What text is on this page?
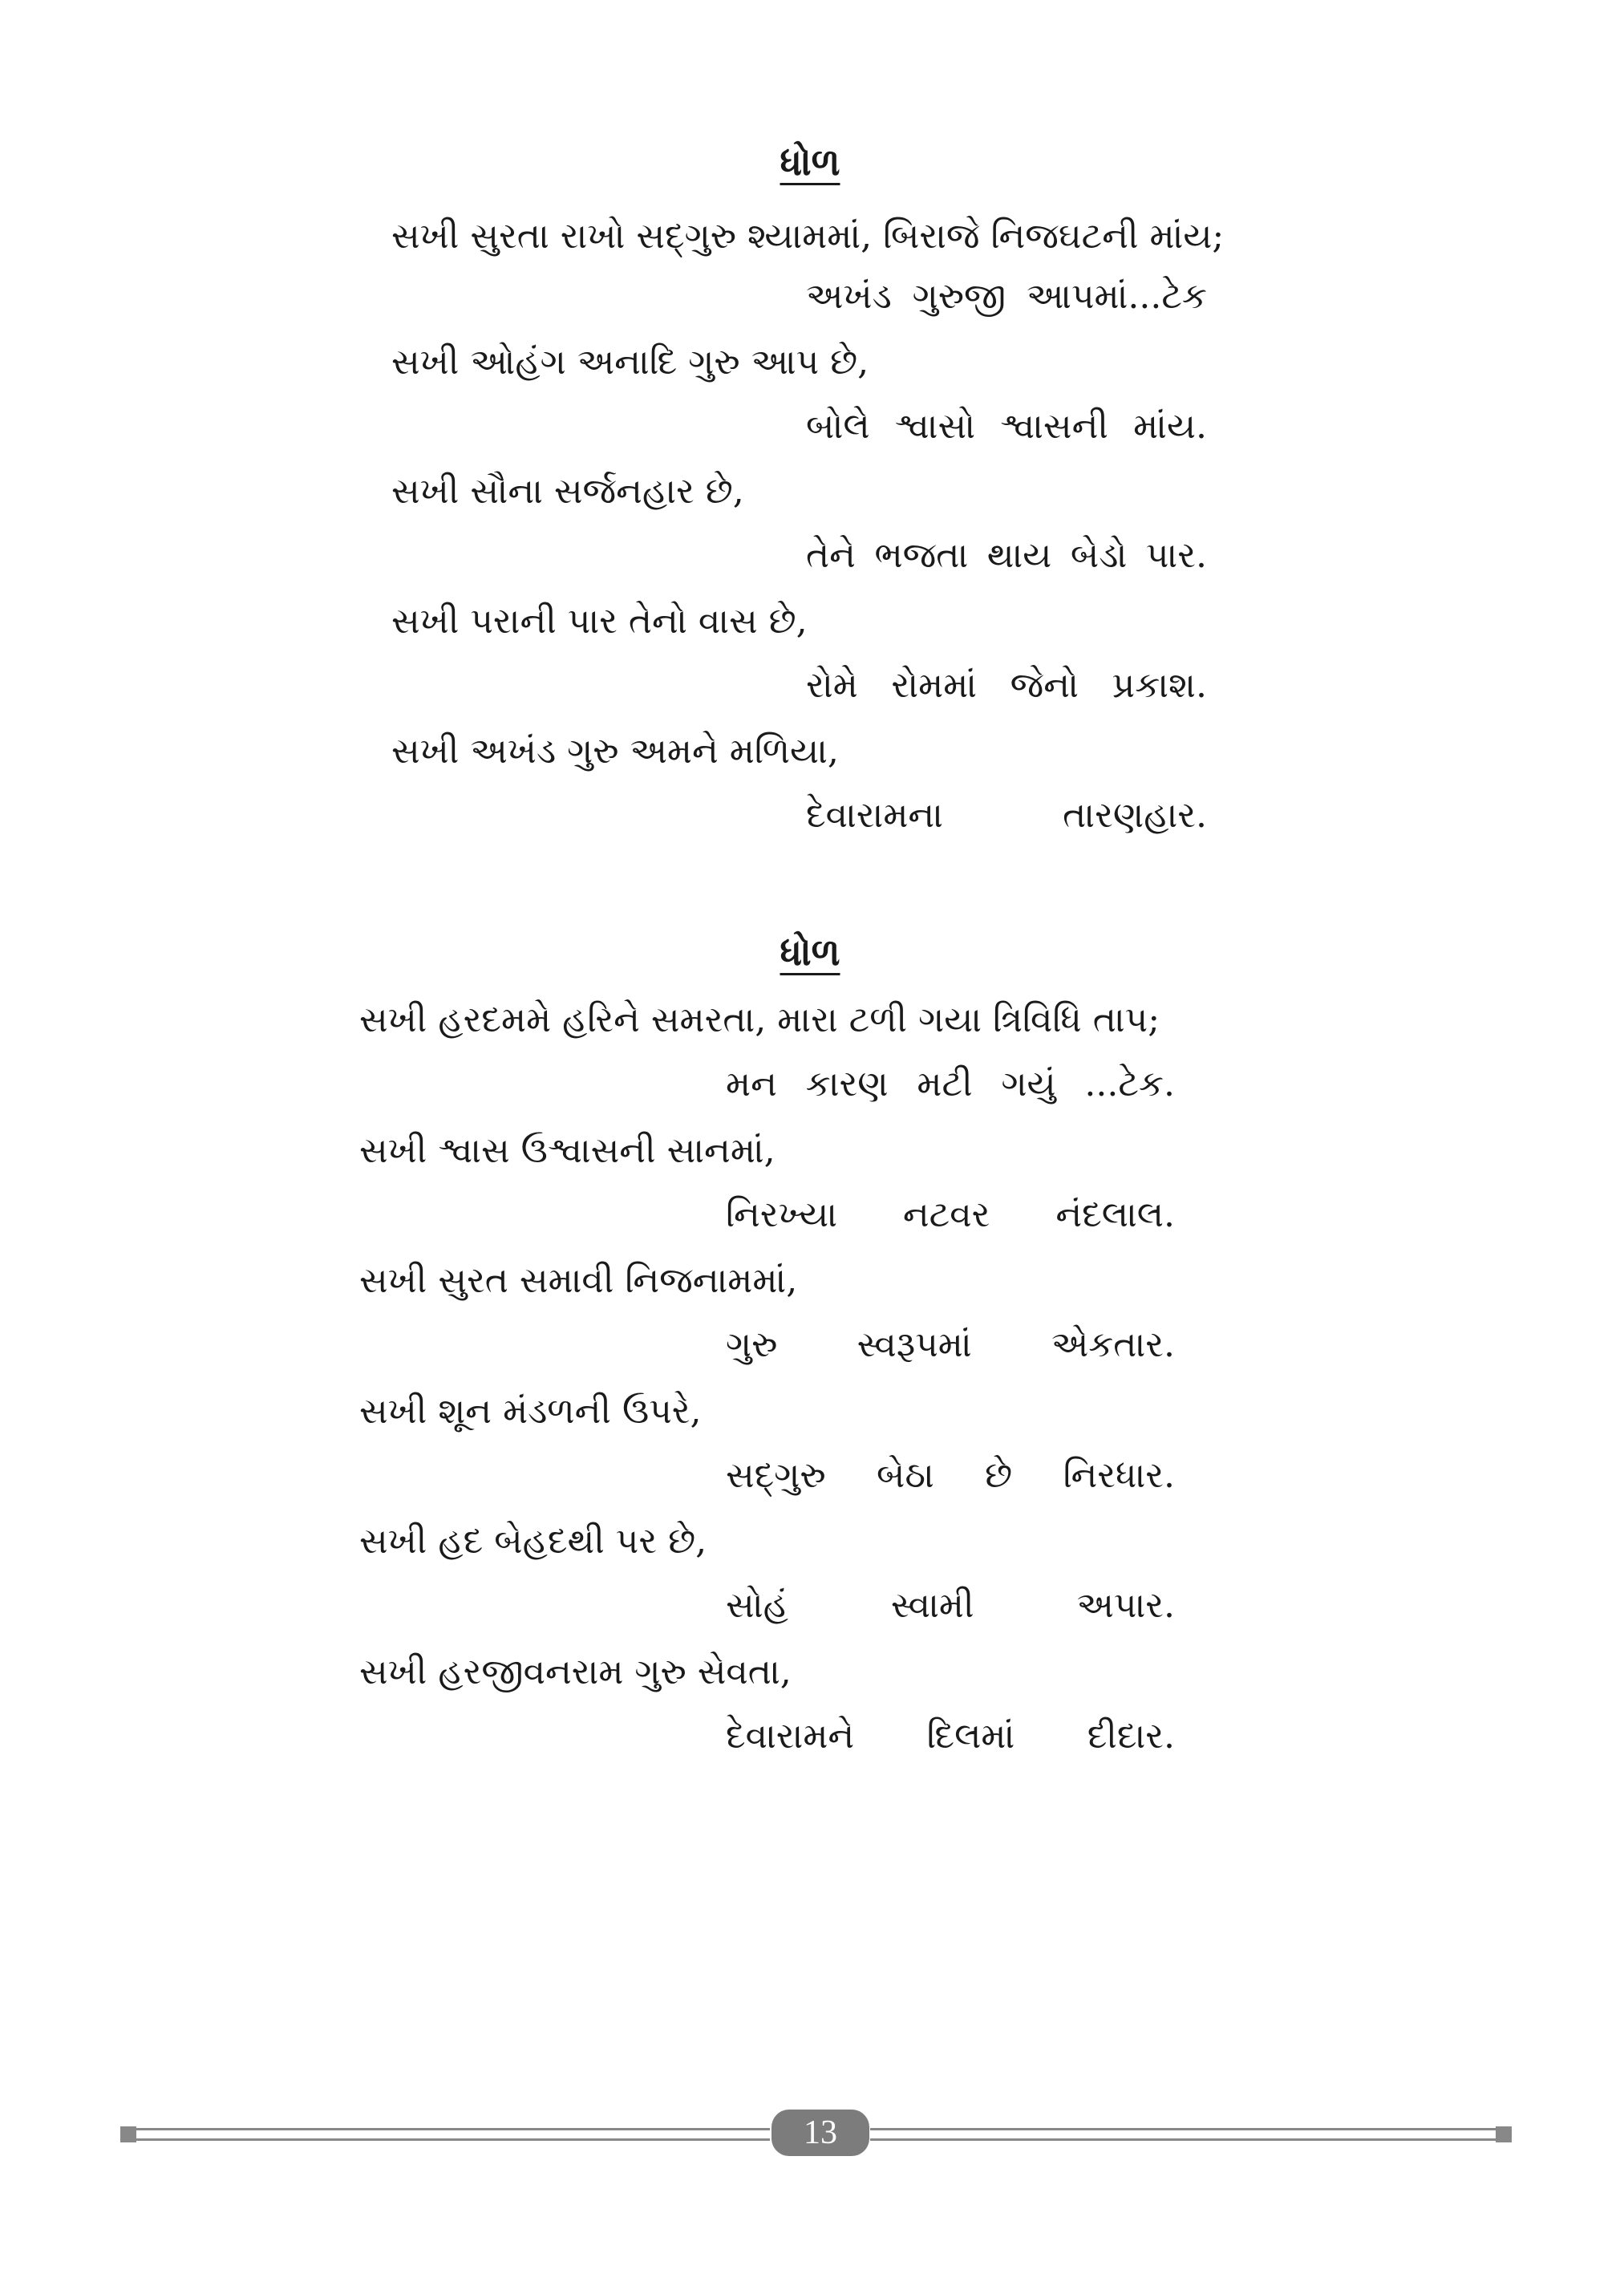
ધોળ
સખી સુરતા રાખો સદ્‌ગુરુ શ્યામમાં, બિરાજે નિજઘટની માંય;
અખંડ ગુરુજી આપમાં...ટેક
સખી ઓહંગ અનાદિ ગુરુ આપ છે,
બોલે શ્વાસો શ્વાસની માંય.
સખી સૌના સર્જનહાર છે,
તેને ભજતા થાય બેડો પાર.
સખી પરાની પાર તેનો વાસ છે,
રોમે રોમમાં જેનો પ્રકાશ.
સખી અખંડ ગુરુ અમને મળિયા,
દેવારામના	તારણહાર.
ધોળ
સખી હરદમમે હરિને સમરતા, મારા ટળી ગયા ત્રિવિધિ તાપ;
મન કારણ મટી ગયું ...ટેક.
સખી શ્વાસ ઉશ્વાસની સાનમાં,
નિરખ્યા નટવર નંદલાલ.
સખી સુરત સમાવી નિજનામમાં,
ગુરુ સ્વરૂપમાં એકતાર.
સખી શૂન મંડળની ઉપરે,
સદ્‌ગુરુ બેઠા છે નિરધાર.
સખી હદ બેહદથી પર છે,
સોહં	સ્વામી	અપાર.
સખી હરજીવનરામ ગુરુ સેવતા,
દેવારામને દિલમાં દીદાર.
13
